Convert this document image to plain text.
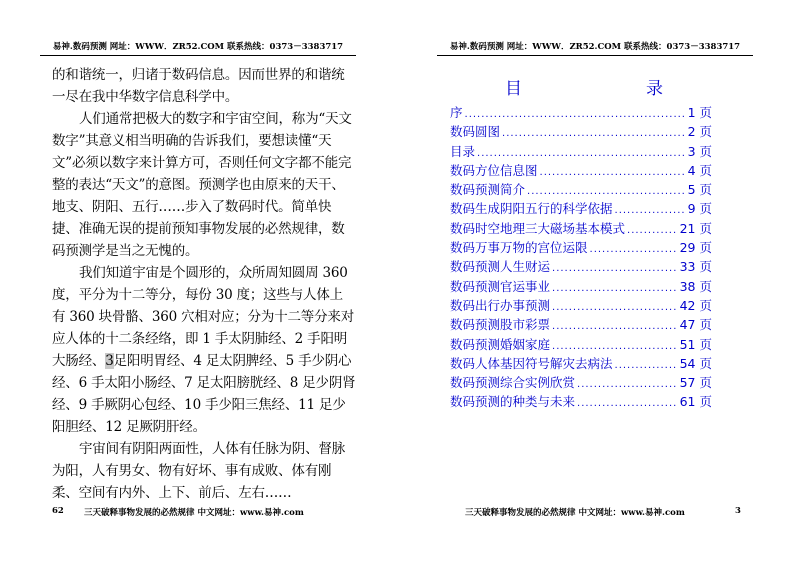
易神.数码预测 网址：WWW．ZR52.COM 联系热线：0373－3383717

的和谐统一，归诸于数码信息。因而世界的和谐统一尽在我中华数字信息科学中。

人们通常把极大的数字和宇宙空间，称为“天文数字”其意义相当明确的告诉我们，要想读懂“天文”必须以数字来计算方可，否则任何文字都不能完整的表达“天文”的意图。预测学也由原来的天干、地支、阴阳、五行……步入了数码时代。简单快捷、准确无误的提前预知事物发展的必然规律，数码预测学是当之无愧的。

我们知道宇宙是个圆形的，众所周知圆周 360 度，平分为十二等分，每份 30 度；这些与人体上有 360 块骨骼、360 穴相对应；分为十二等分来对应人体的十二条经络，即 1 手太阴肺经、2 手阳明大肠经、3足阳明胃经、4 足太阴脾经、5 手少阴心经、6 手太阳小肠经、7 足太阳膀胱经、8 足少阴肾经、9 手厥阴心包经、10 手少阳三焦经、11 足少阳胆经、12 足厥阴肝经。

宇宙间有阴阳两面性，人体有任脉为阴、督脉为阳，人有男女、物有好坏、事有成败、体有刚柔、空间有内外、上下、前后、左右……

62 三天破释事物发展的必然规律 中文网址：www.易神.com
易神.数码预测 网址：WWW．ZR52.COM 联系热线：0373－3383717
目	录
序 .....	1 页
数码圆图 .....	2 页
目录 .....	3 页
数码方位信息图 .....	4 页
数码预测简介 .....	5 页
数码生成阴阳五行的科学依据 .....	9 页
数码时空地理三大磁场基本模式 .....	21 页
数码万事万物的宫位运限 .....	29 页
数码预测人生财运 .....	33 页
数码预测官运事业 .....	38 页
数码出行办事预测 .....	42 页
数码预测股市彩票 .....	47 页
数码预测婚姻家庭 .....	51 页
数码人体基因符号解灾去病法 .....	54 页
数码预测综合实例欣赏 .....	57 页
数码预测的种类与未来 .....	61 页
三天破释事物发展的必然规律 中文网址：www.易神.com	3
